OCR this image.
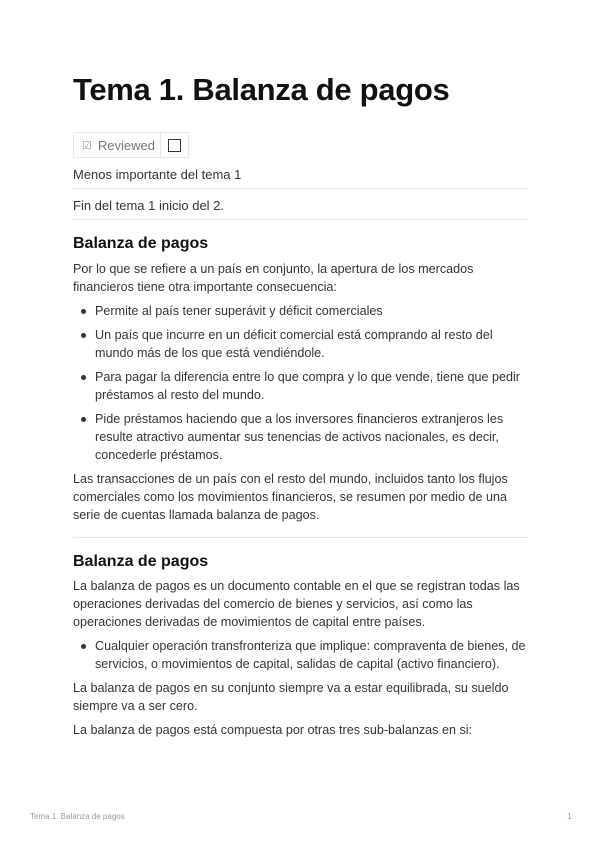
Tema 1. Balanza de pagos
☑ Reviewed
Menos importante del tema 1
Fin del tema 1 inicio del 2.
Balanza de pagos

Por lo que se refiere a un país en conjunto, la apertura de los mercados financieros tiene otra importante consecuencia:

Permite al país tener superávit y déficit comerciales
Un país que incurre en un déficit comercial está comprando al resto del mundo más de los que está vendiéndole.
Para pagar la diferencia entre lo que compra y lo que vende, tiene que pedir préstamos al resto del mundo.
Pide préstamos haciendo que a los inversores financieros extranjeros les resulte atractivo aumentar sus tenencias de activos nacionales, es decir, concederle préstamos.

Las transacciones de un país con el resto del mundo, incluidos tanto los flujos comerciales como los movimientos financieros, se resumen por medio de una serie de cuentas llamada balanza de pagos.

Balanza de pagos

La balanza de pagos es un documento contable en el que se registran todas las operaciones derivadas del comercio de bienes y servicios, así como las operaciones derivadas de movimientos de capital entre países.

Cualquier operación transfronteriza que implique: compraventa de bienes, de servicios, o movimientos de capital, salidas de capital (activo financiero).

La balanza de pagos en su conjunto siempre va a estar equilibrada, su sueldo siempre va a ser cero.

La balanza de pagos está compuesta por otras tres sub-balanzas en si:

Tema 1. Balanza de pagos	1
